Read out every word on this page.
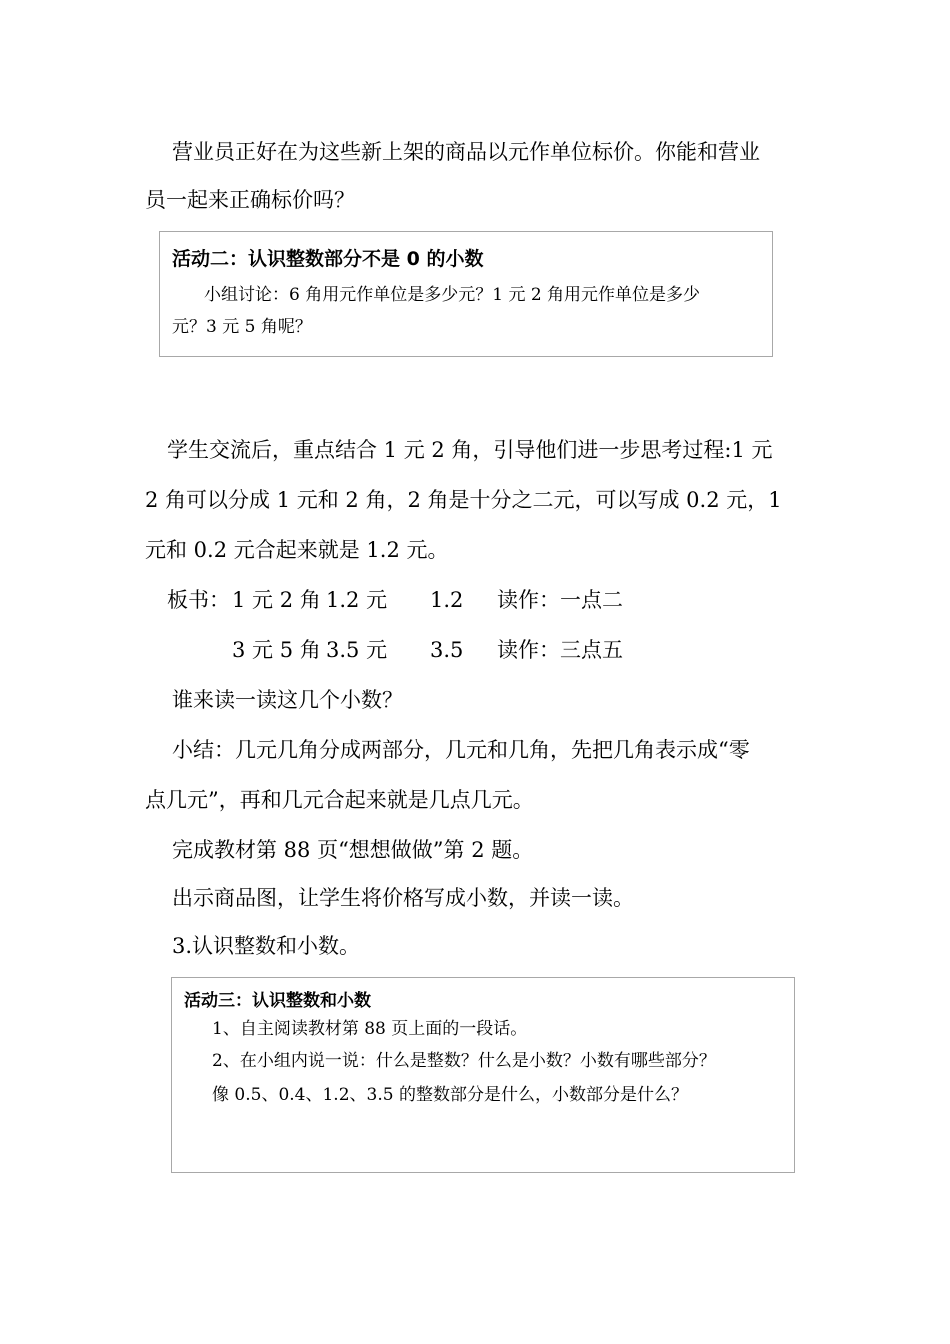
营业员正好在为这些新上架的商品以元作单位标价。你能和营业
员一起来正确标价吗？
活动二：认识整数部分不是 0 的小数
小组讨论：6 角用元作单位是多少元？1 元 2 角用元作单位是多少
元？3 元 5 角呢？
学生交流后，重点结合 1 元 2 角，引导他们进一步思考过程:1 元
2 角可以分成 1 元和 2 角，2 角是十分之二元，可以写成 0.2 元，1
元和 0.2 元合起来就是 1.2 元。
板书： 1 元 2 角 1.2 元 1.2 读作：一点二
3 元 5 角 3.5 元 3.5 读作：三点五
谁来读一读这几个小数？
小结：几元几角分成两部分，几元和几角，先把几角表示成“零
点几元”，再和几元合起来就是几点几元。
完成教材第 88 页“想想做做”第 2 题。
出示商品图，让学生将价格写成小数，并读一读。
3.认识整数和小数。
活动三：认识整数和小数
1、自主阅读教材第 88 页上面的一段话。
2、在小组内说一说：什么是整数？什么是小数？小数有哪些部分？
像 0.5、0.4、1.2、3.5 的整数部分是什么，小数部分是什么？
